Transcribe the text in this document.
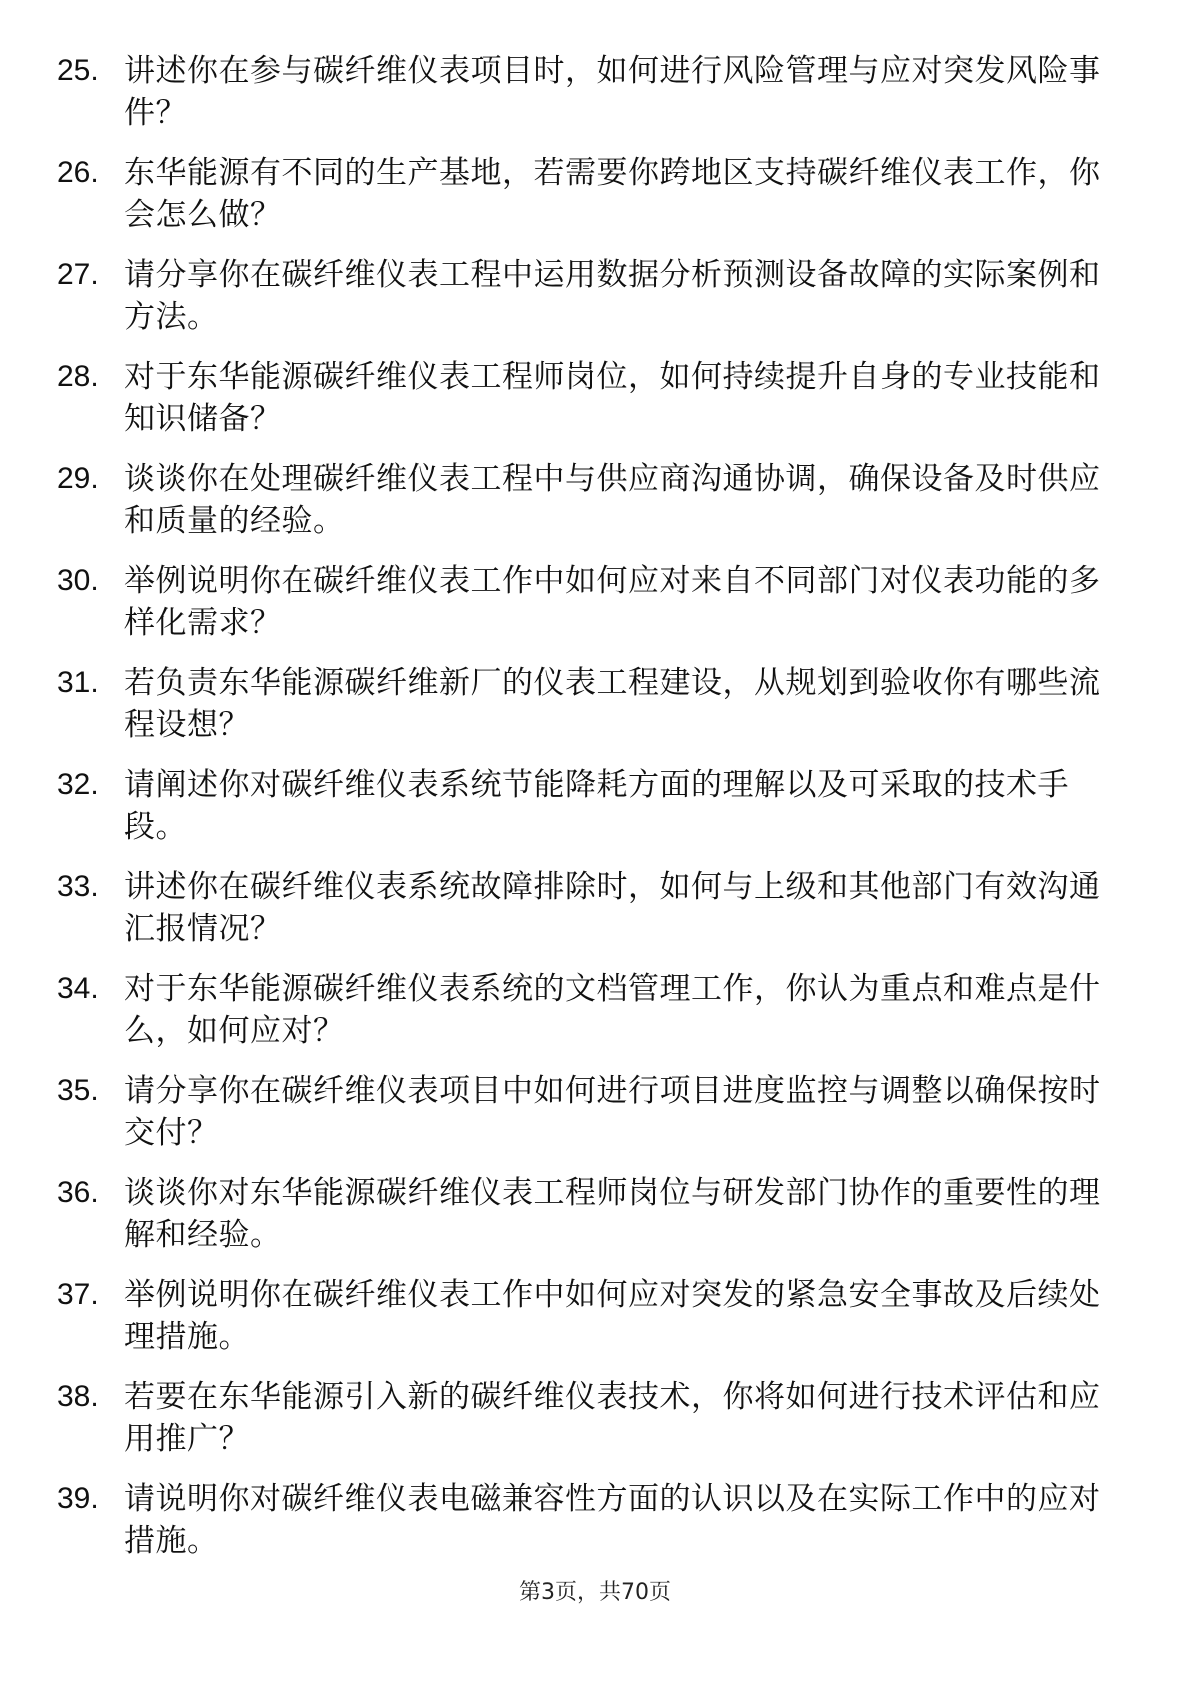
25. 讲述你在参与碳纤维仪表项目时，如何进行风险管理与应对突发风险事件？
26. 东华能源有不同的生产基地，若需要你跨地区支持碳纤维仪表工作，你会怎么做？
27. 请分享你在碳纤维仪表工程中运用数据分析预测设备故障的实际案例和方法。
28. 对于东华能源碳纤维仪表工程师岗位，如何持续提升自身的专业技能和知识储备？
29. 谈谈你在处理碳纤维仪表工程中与供应商沟通协调，确保设备及时供应和质量的经验。
30. 举例说明你在碳纤维仪表工作中如何应对来自不同部门对仪表功能的多样化需求？
31. 若负责东华能源碳纤维新厂的仪表工程建设，从规划到验收你有哪些流程设想？
32. 请阐述你对碳纤维仪表系统节能降耗方面的理解以及可采取的技术手段。
33. 讲述你在碳纤维仪表系统故障排除时，如何与上级和其他部门有效沟通汇报情况？
34. 对于东华能源碳纤维仪表系统的文档管理工作，你认为重点和难点是什么，如何应对？
35. 请分享你在碳纤维仪表项目中如何进行项目进度监控与调整以确保按时交付？
36. 谈谈你对东华能源碳纤维仪表工程师岗位与研发部门协作的重要性的理解和经验。
37. 举例说明你在碳纤维仪表工作中如何应对突发的紧急安全事故及后续处理措施。
38. 若要在东华能源引入新的碳纤维仪表技术，你将如何进行技术评估和应用推广？
39. 请说明你对碳纤维仪表电磁兼容性方面的认识以及在实际工作中的应对措施。
第3页，共70页
